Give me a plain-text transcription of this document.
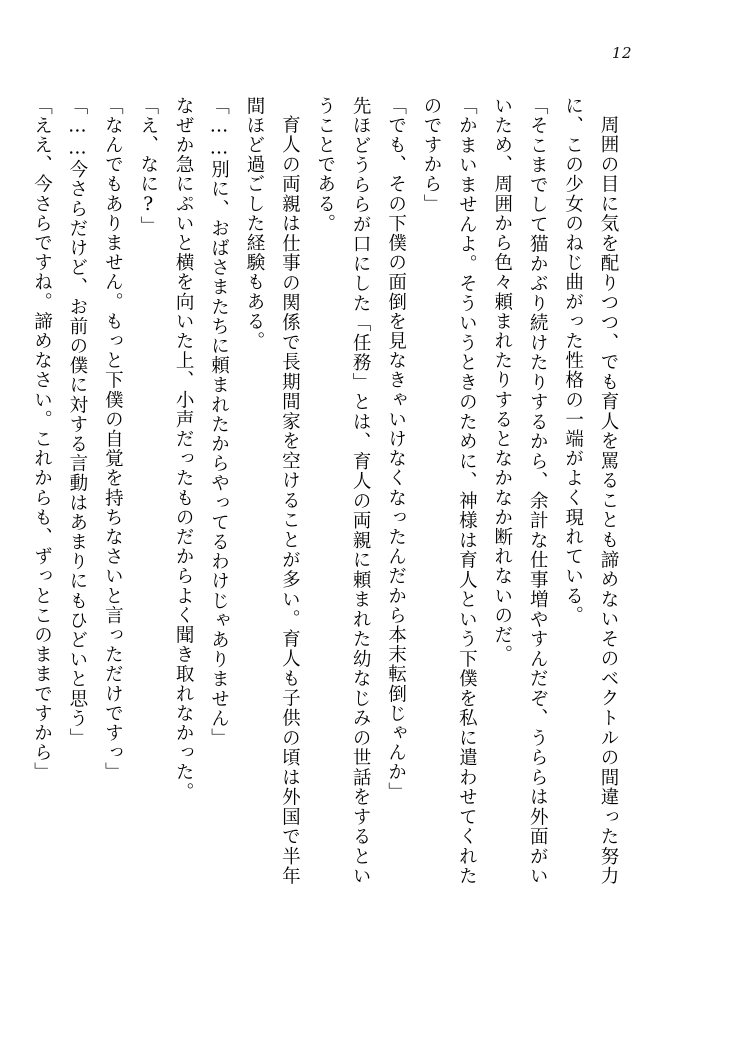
12

周囲の目に気を配りつつ、でも育人を罵ることも諦めないそのベクトルの間違った努力に、この少女のねじ曲がった性格の一端がよく現れている。

「そこまでして猫かぶり続けたりするから、余計な仕事増やすんだぞ、うららは外面がいいため、周囲から色々頼まれたりするとなかなか断れないのだ。

「かまいませんよ。そういうときのために、神様は育人という下僕を私に遣わせてくれたのですから」

「でも、その下僕の面倒を見なきゃいけなくなったんだから本末転倒じゃんか」

先ほどうららが口にした「任務」とは、育人の両親に頼まれた幼なじみの世話をするということである。

育人の両親は仕事の関係で長期間家を空けることが多い。育人も子供の頃は外国で半年間ほど過ごした経験もある。

「……別に、おばさまたちに頼まれたからやってるわけじゃありません」

なぜか急にぷいと横を向いた上、小声だったものだからよく聞き取れなかった。

「え、なに?」

「なんでもありません。もっと下僕の自覚を持ちなさいと言っただけですっ」

「……今さらだけど、お前の僕に対する言動はあまりにもひどいと思う」

「ええ、今さらですね。諦めなさい。これからも、ずっとこのままですから」
